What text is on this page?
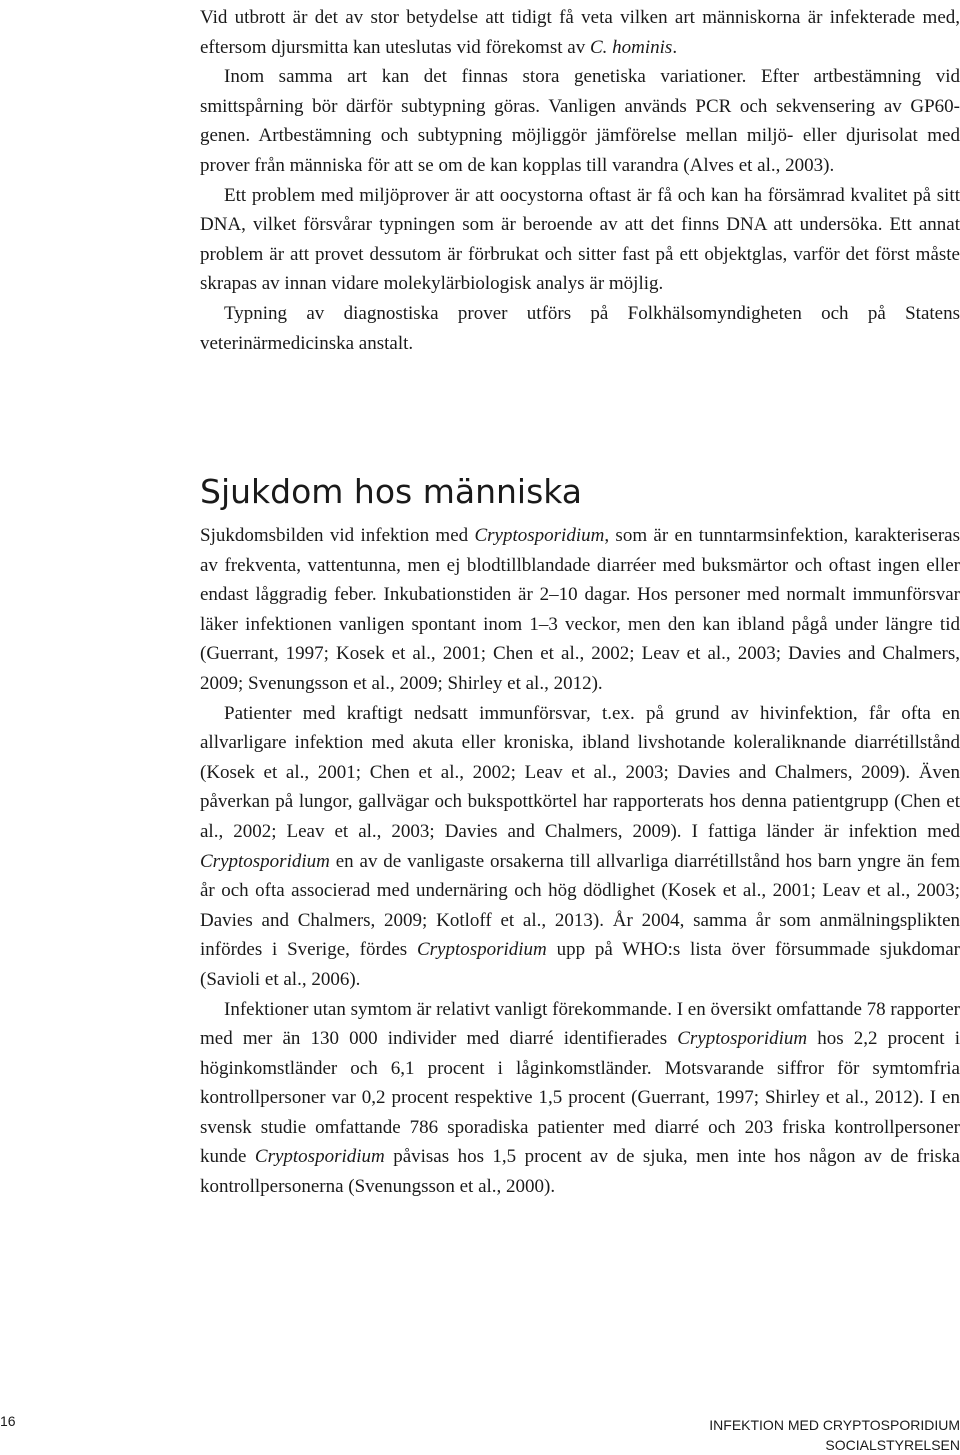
Vid utbrott är det av stor betydelse att tidigt få veta vilken art människorna är infekterade med, eftersom djursmitta kan uteslutas vid förekomst av C. hominis.

Inom samma art kan det finnas stora genetiska variationer. Efter artbestämning vid smittspårning bör därför subtypning göras. Vanligen används PCR och sekvensering av GP60-genen. Artbestämning och subtypning möjliggör jämförelse mellan miljö- eller djurisolat med prover från människa för att se om de kan kopplas till varandra (Alves et al., 2003).

Ett problem med miljöprover är att oocystorna oftast är få och kan ha försämrad kvalitet på sitt DNA, vilket försvårar typningen som är beroende av att det finns DNA att undersöka. Ett annat problem är att provet dessutom är förbrukat och sitter fast på ett objektglas, varför det först måste skrapas av innan vidare molekylärbiologisk analys är möjlig.

Typning av diagnostiska prover utförs på Folkhälsomyndigheten och på Statens veterinärmedicinska anstalt.

Sjukdom hos människa

Sjukdomsbilden vid infektion med Cryptosporidium, som är en tunntarmsinfektion, karakteriseras av frekventa, vattentunna, men ej blodtillblandade diarréer med buksmärtor och oftast ingen eller endast låggradig feber. Inkubationstiden är 2–10 dagar. Hos personer med normalt immunförsvar läker infektionen vanligen spontant inom 1–3 veckor, men den kan ibland pågå under längre tid (Guerrant, 1997; Kosek et al., 2001; Chen et al., 2002; Leav et al., 2003; Davies and Chalmers, 2009; Svenungsson et al., 2009; Shirley et al., 2012).

Patienter med kraftigt nedsatt immunförsvar, t.ex. på grund av hivinfektion, får ofta en allvarligare infektion med akuta eller kroniska, ibland livshotande koleraliknande diarrétillstånd (Kosek et al., 2001; Chen et al., 2002; Leav et al., 2003; Davies and Chalmers, 2009). Även påverkan på lungor, gallvägar och bukspottkörtel har rapporterats hos denna patientgrupp (Chen et al., 2002; Leav et al., 2003; Davies and Chalmers, 2009). I fattiga länder är infektion med Cryptosporidium en av de vanligaste orsakerna till allvarliga diarrétillstånd hos barn yngre än fem år och ofta associerad med undernäring och hög dödlighet (Kosek et al., 2001; Leav et al., 2003; Davies and Chalmers, 2009; Kotloff et al., 2013). År 2004, samma år som anmälningsplikten infördes i Sverige, fördes Cryptosporidium upp på WHO:s lista över försummade sjukdomar (Savioli et al., 2006).

Infektioner utan symtom är relativt vanligt förekommande. I en översikt omfattande 78 rapporter med mer än 130 000 individer med diarré identifierades Cryptosporidium hos 2,2 procent i höginkomstländer och 6,1 procent i låginkomstländer. Motsvarande siffror för symtomfria kontrollpersoner var 0,2 procent respektive 1,5 procent (Guerrant, 1997; Shirley et al., 2012). I en svensk studie omfattande 786 sporadiska patienter med diarré och 203 friska kontrollpersoner kunde Cryptosporidium påvisas hos 1,5 procent av de sjuka, men inte hos någon av de friska kontrollpersonerna (Svenungsson et al., 2000).

16	INFEKTION MED CRYPTOSPORIDIUM
SOCIALSTYRELSEN
